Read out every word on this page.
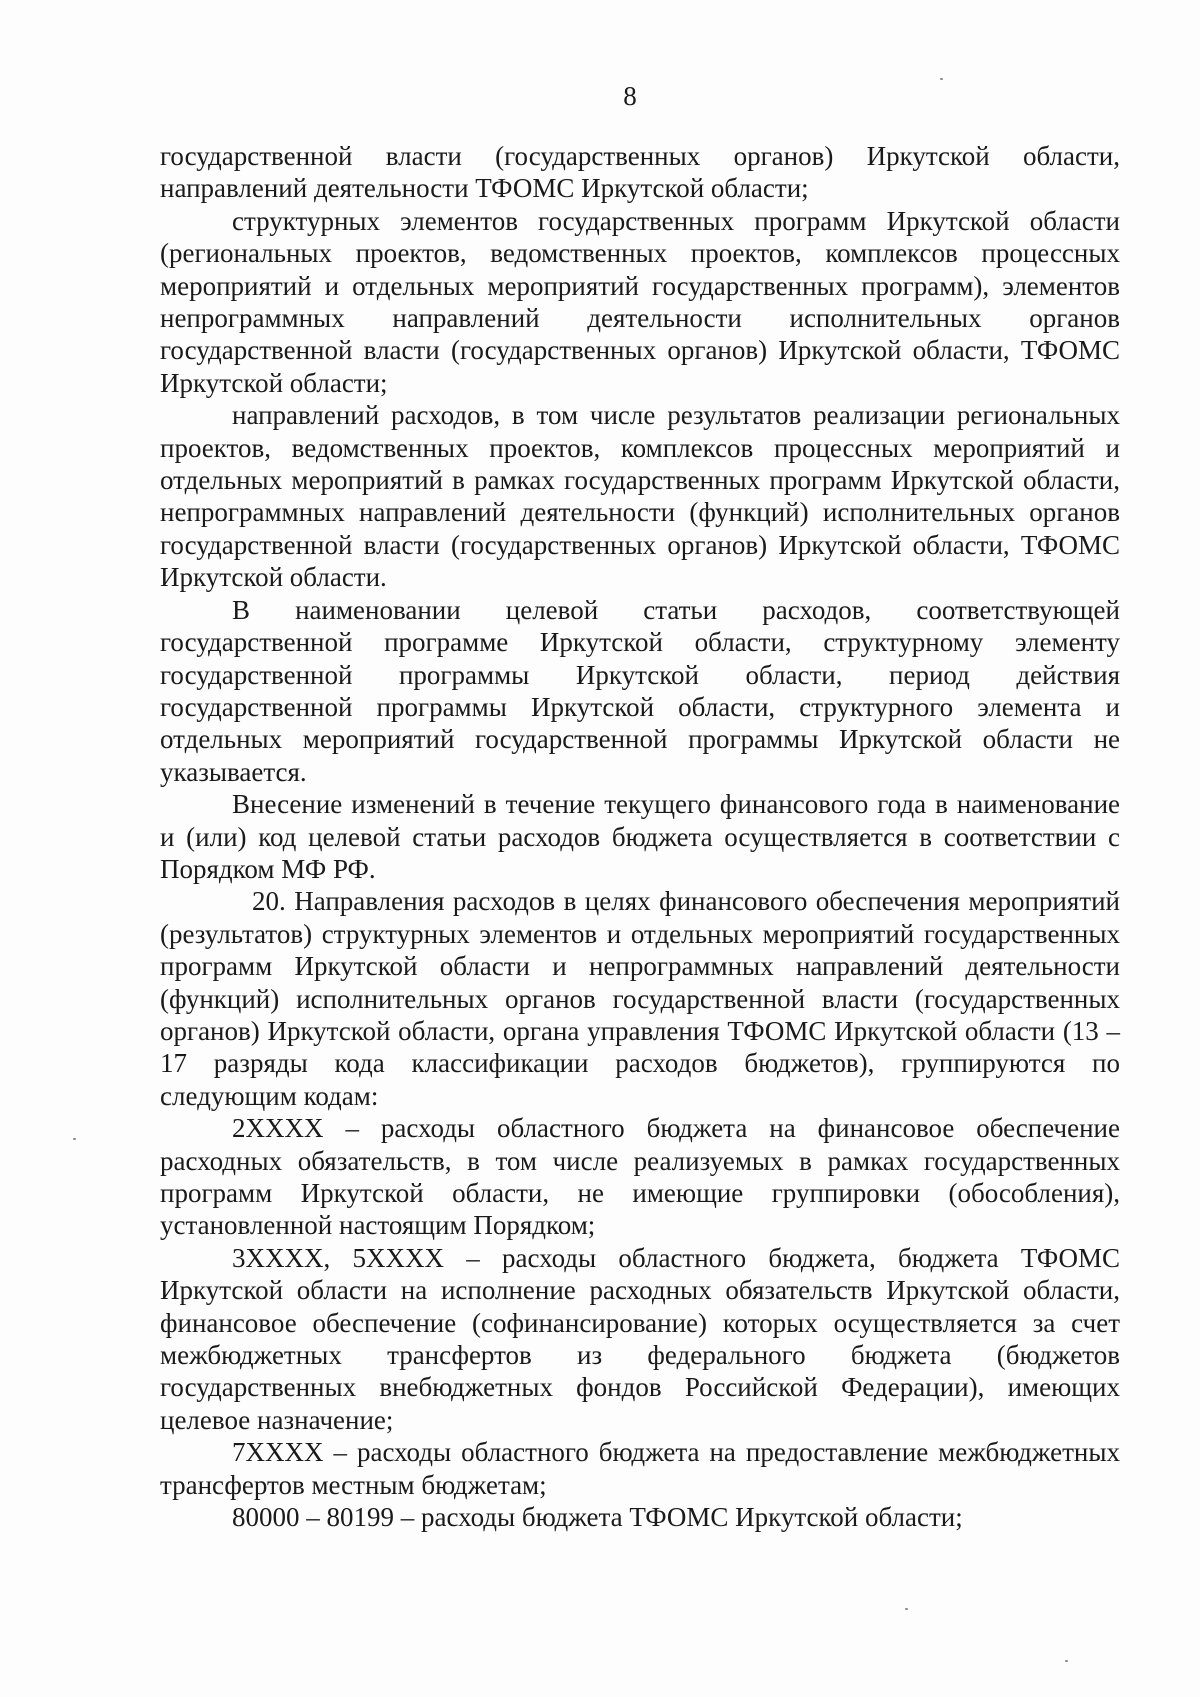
8

государственной власти (государственных органов) Иркутской области, направлений деятельности ТФОМС Иркутской области;

структурных элементов государственных программ Иркутской области (региональных проектов, ведомственных проектов, комплексов процессных мероприятий и отдельных мероприятий государственных программ), элементов непрограммных направлений деятельности исполнительных органов государственной власти (государственных органов) Иркутской области, ТФОМС Иркутской области;

направлений расходов, в том числе результатов реализации региональных проектов, ведомственных проектов, комплексов процессных мероприятий и отдельных мероприятий в рамках государственных программ Иркутской области, непрограммных направлений деятельности (функций) исполнительных органов государственной власти (государственных органов) Иркутской области, ТФОМС Иркутской области.

В наименовании целевой статьи расходов, соответствующей государственной программе Иркутской области, структурному элементу государственной программы Иркутской области, период действия государственной программы Иркутской области, структурного элемента и отдельных мероприятий государственной программы Иркутской области не указывается.

Внесение изменений в течение текущего финансового года в наименование и (или) код целевой статьи расходов бюджета осуществляется в соответствии с Порядком МФ РФ.

20. Направления расходов в целях финансового обеспечения мероприятий (результатов) структурных элементов и отдельных мероприятий государственных программ Иркутской области и непрограммных направлений деятельности (функций) исполнительных органов государственной власти (государственных органов) Иркутской области, органа управления ТФОМС Иркутской области (13 – 17 разряды кода классификации расходов бюджетов), группируются по следующим кодам:

2XXXX – расходы областного бюджета на финансовое обеспечение расходных обязательств, в том числе реализуемых в рамках государственных программ Иркутской области, не имеющие группировки (обособления), установленной настоящим Порядком;

3XXXX, 5XXXX – расходы областного бюджета, бюджета ТФОМС Иркутской области на исполнение расходных обязательств Иркутской области, финансовое обеспечение (софинансирование) которых осуществляется за счет межбюджетных трансфертов из федерального бюджета (бюджетов государственных внебюджетных фондов Российской Федерации), имеющих целевое назначение;

7XXXX – расходы областного бюджета на предоставление межбюджетных трансфертов местным бюджетам;

80000 – 80199 – расходы бюджета ТФОМС Иркутской области;
